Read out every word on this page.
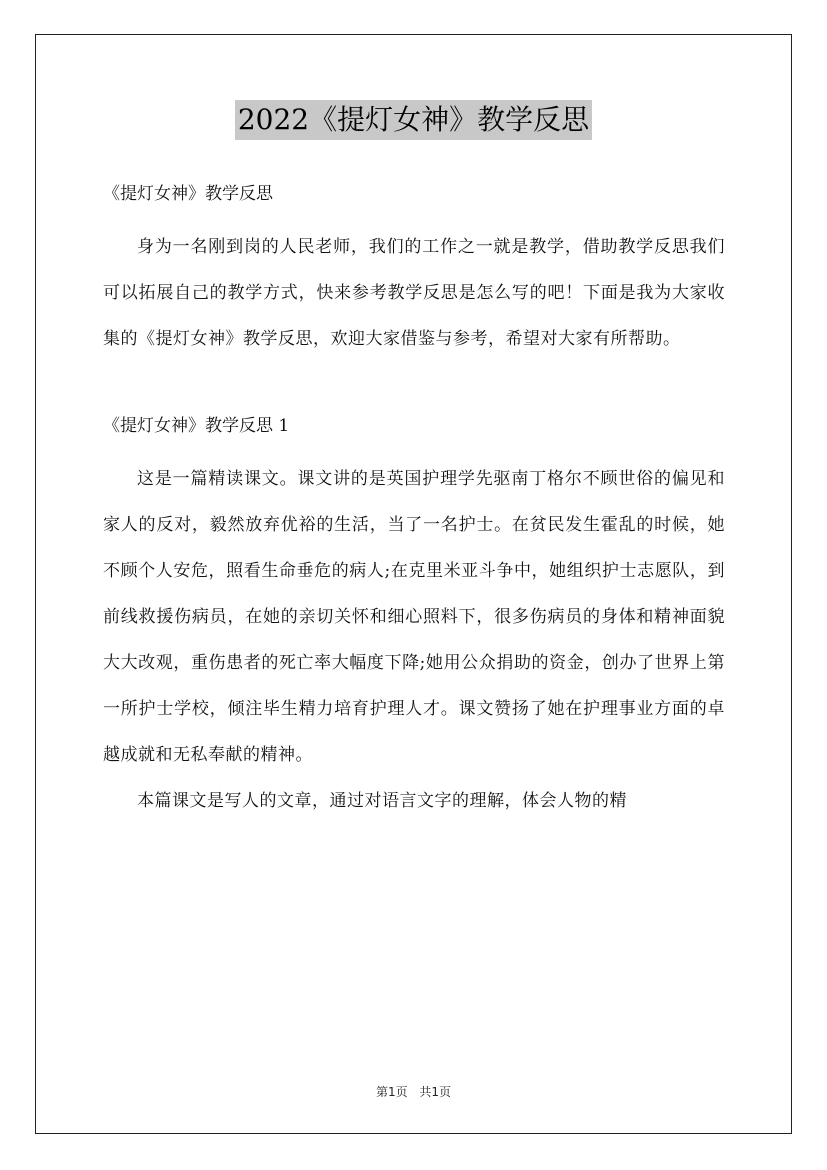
2022《提灯女神》教学反思

《提灯女神》教学反思

身为一名刚到岗的人民老师，我们的工作之一就是教学，借助教学反思我们可以拓展自己的教学方式，快来参考教学反思是怎么写的吧！下面是我为大家收集的《提灯女神》教学反思，欢迎大家借鉴与参考，希望对大家有所帮助。

《提灯女神》教学反思 1

这是一篇精读课文。课文讲的是英国护理学先驱南丁格尔不顾世俗的偏见和家人的反对，毅然放弃优裕的生活，当了一名护士。在贫民发生霍乱的时候，她不顾个人安危，照看生命垂危的病人;在克里米亚斗争中，她组织护士志愿队，到前线救援伤病员，在她的亲切关怀和细心照料下，很多伤病员的身体和精神面貌大大改观，重伤患者的死亡率大幅度下降;她用公众捐助的资金，创办了世界上第一所护士学校，倾注毕生精力培育护理人才。课文赞扬了她在护理事业方面的卓越成就和无私奉献的精神。

本篇课文是写人的文章，通过对语言文字的理解，体会人物的精

第1页 共1页
